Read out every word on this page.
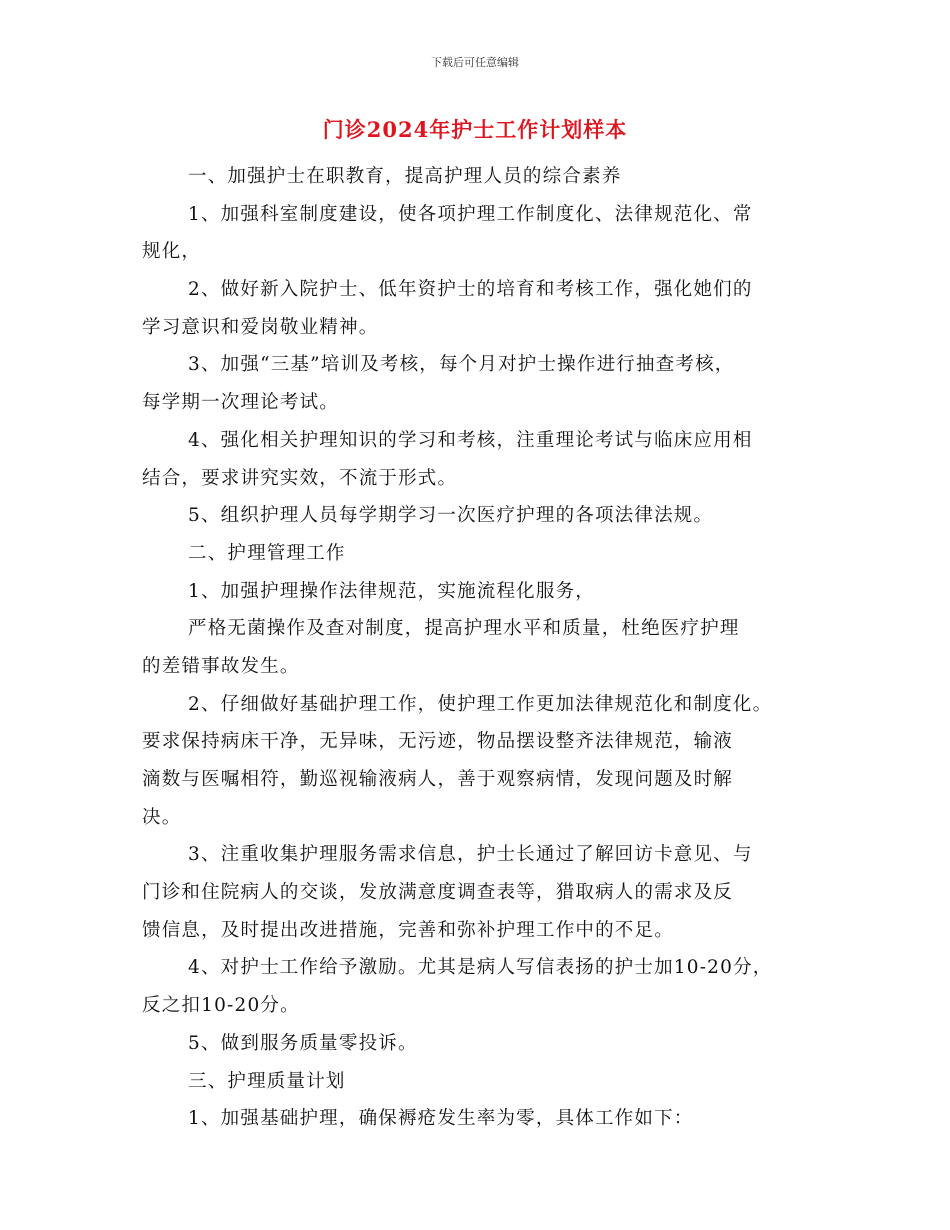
下载后可任意编辑
门诊2024年护士工作计划样本
一、加强护士在职教育，提高护理人员的综合素养
1、加强科室制度建设，使各项护理工作制度化、法律规范化、常
规化，
2、做好新入院护士、低年资护士的培育和考核工作，强化她们的
学习意识和爱岗敬业精神。
3、加强“三基”培训及考核，每个月对护士操作进行抽查考核，
每学期一次理论考试。
4、强化相关护理知识的学习和考核，注重理论考试与临床应用相
结合，要求讲究实效，不流于形式。
5、组织护理人员每学期学习一次医疗护理的各项法律法规。
二、护理管理工作
1、加强护理操作法律规范，实施流程化服务，
严格无菌操作及查对制度，提高护理水平和质量，杜绝医疗护理
的差错事故发生。
2、仔细做好基础护理工作，使护理工作更加法律规范化和制度化。
要求保持病床干净，无异味，无污迹，物品摆设整齐法律规范，输液
滴数与医嘱相符，勤巡视输液病人，善于观察病情，发现问题及时解
决。
3、注重收集护理服务需求信息，护士长通过了解回访卡意见、与
门诊和住院病人的交谈，发放满意度调查表等，猎取病人的需求及反
馈信息，及时提出改进措施，完善和弥补护理工作中的不足。
4、对护士工作给予激励。尤其是病人写信表扬的护士加10-20分，
反之扣10-20分。
5、做到服务质量零投诉。
三、护理质量计划
1、加强基础护理，确保褥疮发生率为零，具体工作如下：
